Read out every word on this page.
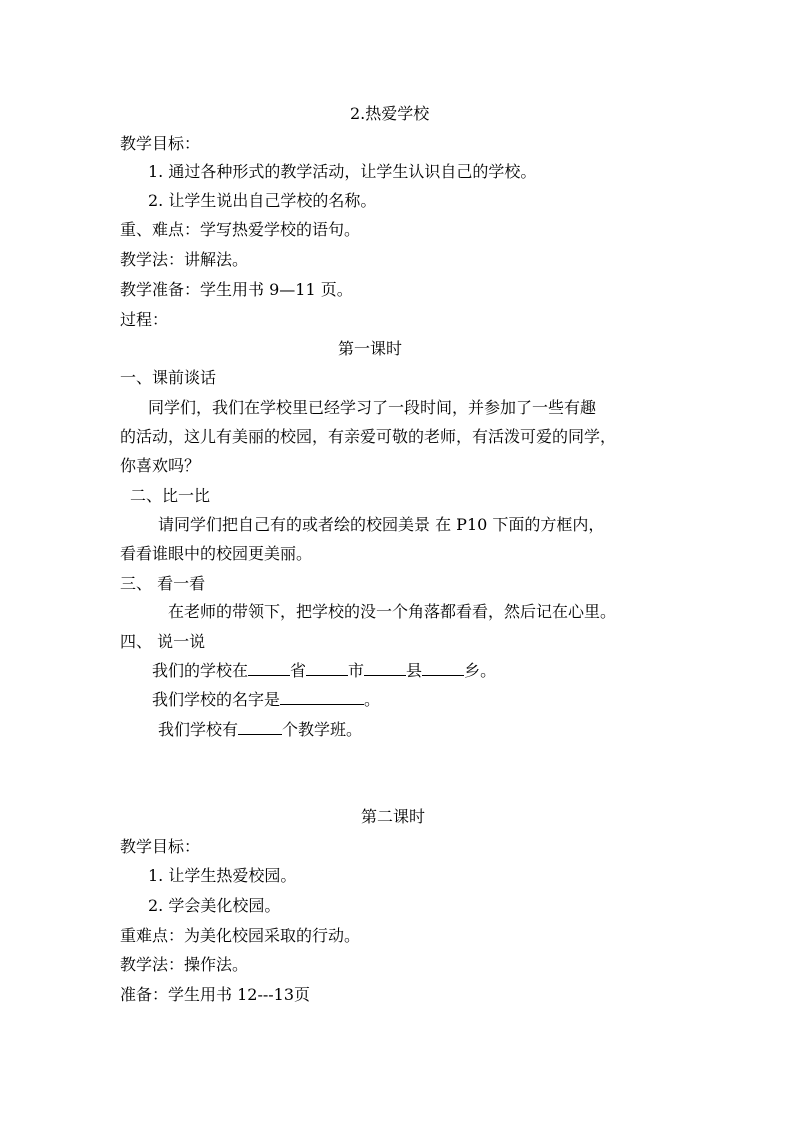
2.热爱学校
教学目标：
1. 通过各种形式的教学活动，让学生认识自己的学校。
2. 让学生说出自己学校的名称。
重、难点：学写热爱学校的语句。
教学法：讲解法。
教学准备：学生用书 9—11 页。
过程：
第一课时
一、课前谈话
同学们，我们在学校里已经学习了一段时间，并参加了一些有趣
的活动，这儿有美丽的校园，有亲爱可敬的老师，有活泼可爱的同学，
你喜欢吗？
二、比一比
请同学们把自己有的或者绘的校园美景 在 P10 下面的方框内，
看看谁眼中的校园更美丽。
三、 看一看
在老师的带领下，把学校的没一个角落都看看，然后记在心里。
四、 说一说
我们的学校在	省	市	县	乡。
我们学校的名字是	。
我们学校有	个教学班。
第二课时
教学目标：
1. 让学生热爱校园。
2. 学会美化校园。
重难点：为美化校园采取的行动。
教学法：操作法。
准备：学生用书 12---13页
